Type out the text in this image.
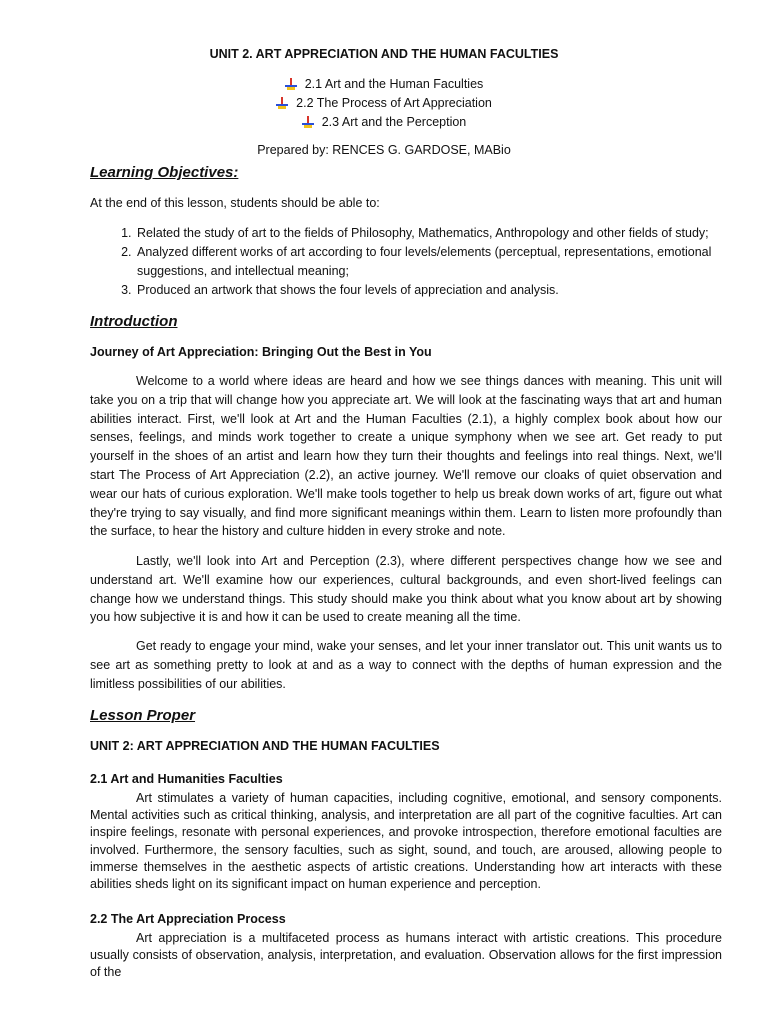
UNIT 2. ART APPRECIATION AND THE HUMAN FACULTIES
2.1 Art and the Human Faculties
2.2 The Process of Art Appreciation
2.3 Art and the Perception
Prepared by: RENCES G. GARDOSE, MABio
Learning Objectives:
At the end of this lesson, students should be able to:
1. Related the study of art to the fields of Philosophy, Mathematics, Anthropology and other fields of study;
2. Analyzed different works of art according to four levels/elements (perceptual, representations, emotional suggestions, and intellectual meaning;
3. Produced an artwork that shows the four levels of appreciation and analysis.
Introduction
Journey of Art Appreciation: Bringing Out the Best in You

Welcome to a world where ideas are heard and how we see things dances with meaning. This unit will take you on a trip that will change how you appreciate art. We will look at the fascinating ways that art and human abilities interact. First, we'll look at Art and the Human Faculties (2.1), a highly complex book about how our senses, feelings, and minds work together to create a unique symphony when we see art. Get ready to put yourself in the shoes of an artist and learn how they turn their thoughts and feelings into real things. Next, we'll start The Process of Art Appreciation (2.2), an active journey. We'll remove our cloaks of quiet observation and wear our hats of curious exploration. We'll make tools together to help us break down works of art, figure out what they're trying to say visually, and find more significant meanings within them. Learn to listen more profoundly than the surface, to hear the history and culture hidden in every stroke and note.

Lastly, we'll look into Art and Perception (2.3), where different perspectives change how we see and understand art. We'll examine how our experiences, cultural backgrounds, and even short-lived feelings can change how we understand things. This study should make you think about what you know about art by showing you how subjective it is and how it can be used to create meaning all the time.

Get ready to engage your mind, wake your senses, and let your inner translator out. This unit wants us to see art as something pretty to look at and as a way to connect with the depths of human expression and the limitless possibilities of our abilities.

Lesson Proper
UNIT 2: ART APPRECIATION AND THE HUMAN FACULTIES
2.1 Art and Humanities Faculties

Art stimulates a variety of human capacities, including cognitive, emotional, and sensory components. Mental activities such as critical thinking, analysis, and interpretation are all part of the cognitive faculties. Art can inspire feelings, resonate with personal experiences, and provoke introspection, therefore emotional faculties are involved. Furthermore, the sensory faculties, such as sight, sound, and touch, are aroused, allowing people to immerse themselves in the aesthetic aspects of artistic creations. Understanding how art interacts with these abilities sheds light on its significant impact on human experience and perception.

2.2 The Art Appreciation Process

Art appreciation is a multifaceted process as humans interact with artistic creations. This procedure usually consists of observation, analysis, interpretation, and evaluation. Observation allows for the first impression of the
